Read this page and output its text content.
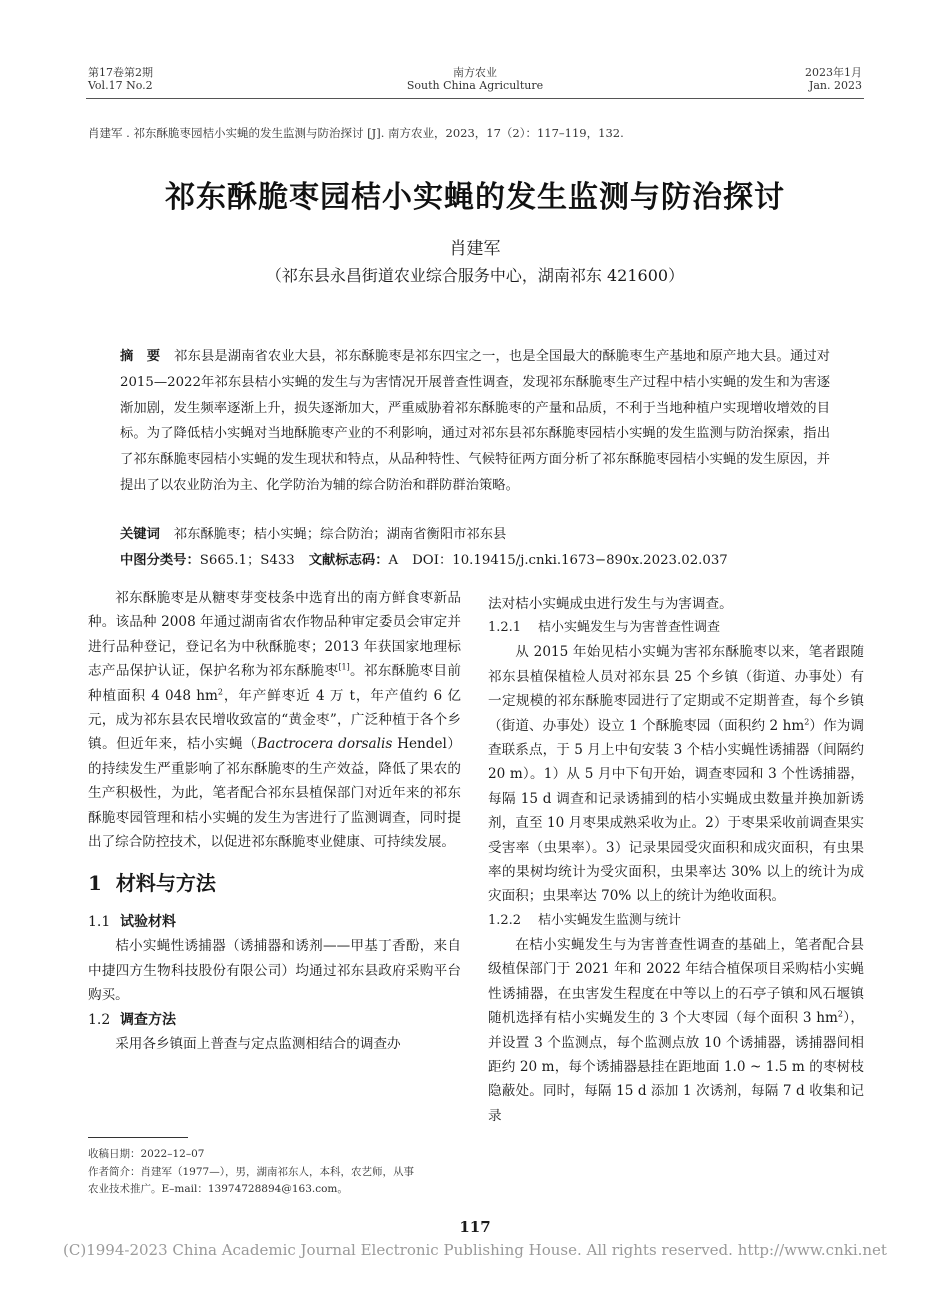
第17卷第2期
Vol.17 No.2
南方农业
South China Agriculture
2023年1月
Jan. 2023
肖建军 . 祁东酥脆枣园桔小实蝇的发生监测与防治探讨 [J]. 南方农业，2023，17（2）：117–119，132.
祁东酥脆枣园桔小实蝇的发生监测与防治探讨
肖建军
（祁东县永昌街道农业综合服务中心，湖南祁东 421600）
摘　要 祁东县是湖南省农业大县，祁东酥脆枣是祁东四宝之一，也是全国最大的酥脆枣生产基地和原产地大县。通过对2015—2022年祁东县桔小实蝇的发生与为害情况开展普查性调查，发现祁东酥脆枣生产过程中桔小实蝇的发生和为害逐渐加剧，发生频率逐渐上升，损失逐渐加大，严重威胁着祁东酥脆枣的产量和品质，不利于当地种植户实现增收增效的目标。为了降低桔小实蝇对当地酥脆枣产业的不利影响，通过对祁东县祁东酥脆枣园桔小实蝇的发生监测与防治探索，指出了祁东酥脆枣园桔小实蝇的发生现状和特点，从品种特性、气候特征两方面分析了祁东酥脆枣园桔小实蝇的发生原因，并提出了以农业防治为主、化学防治为辅的综合防治和群防群治策略。
关键词 祁东酥脆枣；桔小实蝇；综合防治；湖南省衡阳市祁东县
中图分类号：S665.1；S433 文献标志码：A DOI：10.19415/j.cnki.1673−890x.2023.02.037

祁东酥脆枣是从糖枣芽变枝条中选育出的南方鲜食枣新品种。该品种 2008 年通过湖南省农作物品种审定委员会审定并进行品种登记，登记名为中秋酥脆枣；2013 年获国家地理标志产品保护认证，保护名称为祁东酥脆枣[1]。祁东酥脆枣目前种植面积 4 048 $hm^2$，年产鲜枣近 4 万 t，年产值约 6 亿元，成为祁东县农民增收致富的“黄金枣”，广泛种植于各个乡镇。但近年来，桔小实蝇（Bactrocera dorsalis Hendel）的持续发生严重影响了祁东酥脆枣的生产效益，降低了果农的生产积极性，为此，笔者配合祁东县植保部门对近年来的祁东酥脆枣园管理和桔小实蝇的发生为害进行了监测调查，同时提出了综合防控技术，以促进祁东酥脆枣业健康、可持续发展。

1 材料与方法
1.1 试验材料

桔小实蝇性诱捕器（诱捕器和诱剂——甲基丁香酚，来自中捷四方生物科技股份有限公司）均通过祁东县政府采购平台购买。

1.2 调查方法

采用各乡镇面上普查与定点监测相结合的调查办

法对桔小实蝇成虫进行发生与为害调查。

1.2.1 桔小实蝇发生与为害普查性调查

从 2015 年始见桔小实蝇为害祁东酥脆枣以来，笔者跟随祁东县植保植检人员对祁东县 25 个乡镇（街道、办事处）有一定规模的祁东酥脆枣园进行了定期或不定期普查，每个乡镇（街道、办事处）设立 1 个酥脆枣园（面积约 2 $hm^2$）作为调查联系点，于 5 月上中旬安装 3 个桔小实蝇性诱捕器（间隔约 20 m）。1）从 5 月中下旬开始，调查枣园和 3 个性诱捕器，每隔 15 d 调查和记录诱捕到的桔小实蝇成虫数量并换加新诱剂，直至 10 月枣果成熟采收为止。2）于枣果采收前调查果实受害率（虫果率）。3）记录果园受灾面积和成灾面积，有虫果率的果树均统计为受灾面积，虫果率达 30% 以上的统计为成灾面积；虫果率达 70% 以上的统计为绝收面积。

1.2.2 桔小实蝇发生监测与统计

在桔小实蝇发生与为害普查性调查的基础上，笔者配合县级植保部门于 2021 年和 2022 年结合植保项目采购桔小实蝇性诱捕器，在虫害发生程度在中等以上的石亭子镇和风石堰镇随机选择有桔小实蝇发生的 3 个大枣园（每个面积 3 $hm^2$），并设置 3 个监测点，每个监测点放 10 个诱捕器，诱捕器间相距约 20 m，每个诱捕器悬挂在距地面 1.0 ~ 1.5 m 的枣树枝隐蔽处。同时，每隔 15 d 添加 1 次诱剂，每隔 7 d 收集和记录

收稿日期：2022–12–07
作者简介：肖建军（1977—），男，湖南祁东人，本科，农艺师，从事
农业技术推广。E–mail：13974728894@163.com。
117
(C)1994-2023 China Academic Journal Electronic Publishing House. All rights reserved. http://www.cnki.net
